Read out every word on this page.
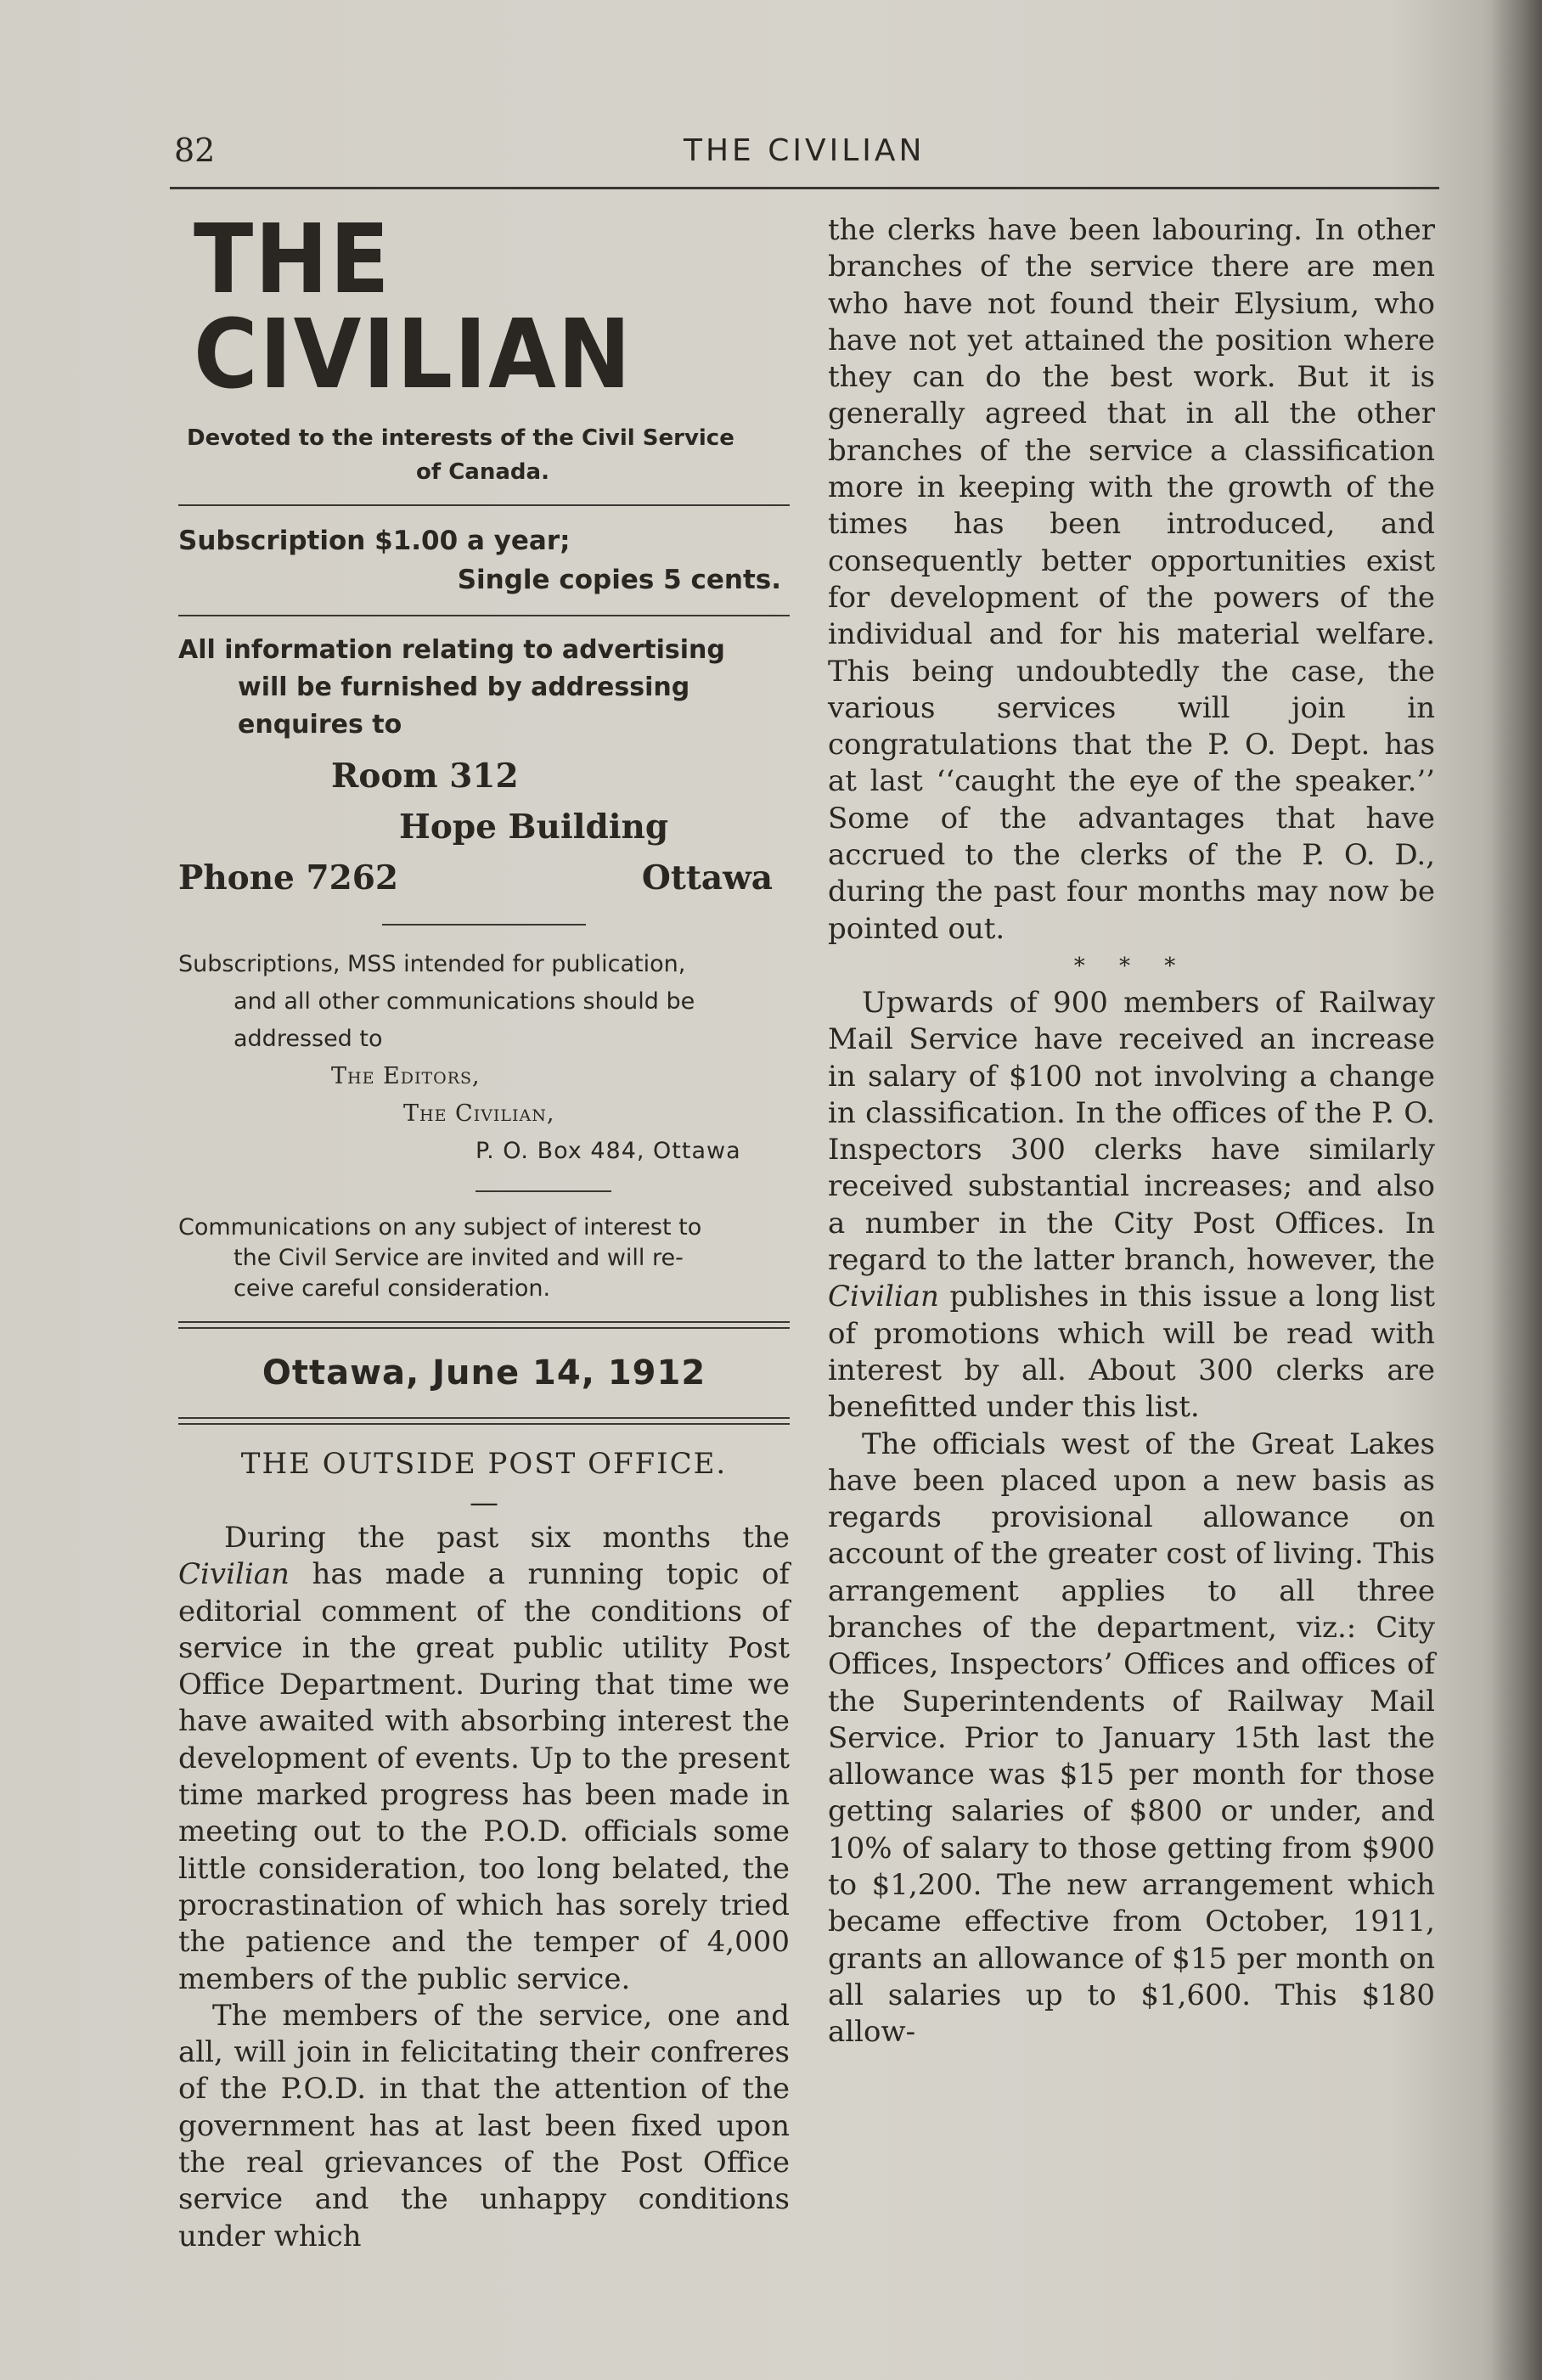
82	THE CIVILIAN
THE CIVILIAN
Devoted to the interests of the Civil Service
of Canada.
Subscription $1.00 a year;
Single copies 5 cents.
All information relating to advertising
will be furnished by addressing
enquires to
Room 312
Hope Building
Phone 7262	Ottawa
Subscriptions, MSS intended for publication,
and all other communications should be
addressed to
The Editors,
The Civilian,
P. O. Box 484, Ottawa
Communications on any subject of interest to
the Civil Service are invited and will re-
ceive careful consideration.
Ottawa, June 14, 1912
THE OUTSIDE POST OFFICE.
—

During the past six months the Civilian has made a running topic of editorial comment of the conditions of service in the great public utility Post Office Department. During that time we have awaited with absorbing interest the development of events. Up to the present time marked progress has been made in meeting out to the P.O.D. officials some little consideration, too long belated, the procrastination of which has sorely tried the patience and the temper of 4,000 members of the public service.

The members of the service, one and all, will join in felicitating their confreres of the P.O.D. in that the attention of the government has at last been fixed upon the real grievances of the Post Office service and the unhappy conditions under which

the clerks have been labouring. In other branches of the service there are men who have not found their Elysium, who have not yet attained the position where they can do the best work. But it is generally agreed that in all the other branches of the service a classification more in keeping with the growth of the times has been introduced, and consequently better opportunities exist for development of the powers of the individual and for his material welfare. This being undoubtedly the case, the various services will join in congratulations that the P. O. Dept. has at last ‘‘caught the eye of the speaker.’’ Some of the advantages that have accrued to the clerks of the P. O. D., during the past four months may now be pointed out.

* * *

Upwards of 900 members of Railway Mail Service have received an increase in salary of $100 not involving a change in classification. In the offices of the P. O. Inspectors 300 clerks have similarly received substantial increases; and also a number in the City Post Offices. In regard to the latter branch, however, the Civilian publishes in this issue a long list of promotions which will be read with interest by all. About 300 clerks are benefitted under this list.

The officials west of the Great Lakes have been placed upon a new basis as regards provisional allowance on account of the greater cost of living. This arrangement applies to all three branches of the department, viz.: City Offices, Inspectors’ Offices and offices of the Superintendents of Railway Mail Service. Prior to January 15th last the allowance was $15 per month for those getting salaries of $800 or under, and 10% of salary to those getting from $900 to $1,200. The new arrangement which became effective from October, 1911, grants an allowance of $15 per month on all salaries up to $1,600. This $180 allow-
